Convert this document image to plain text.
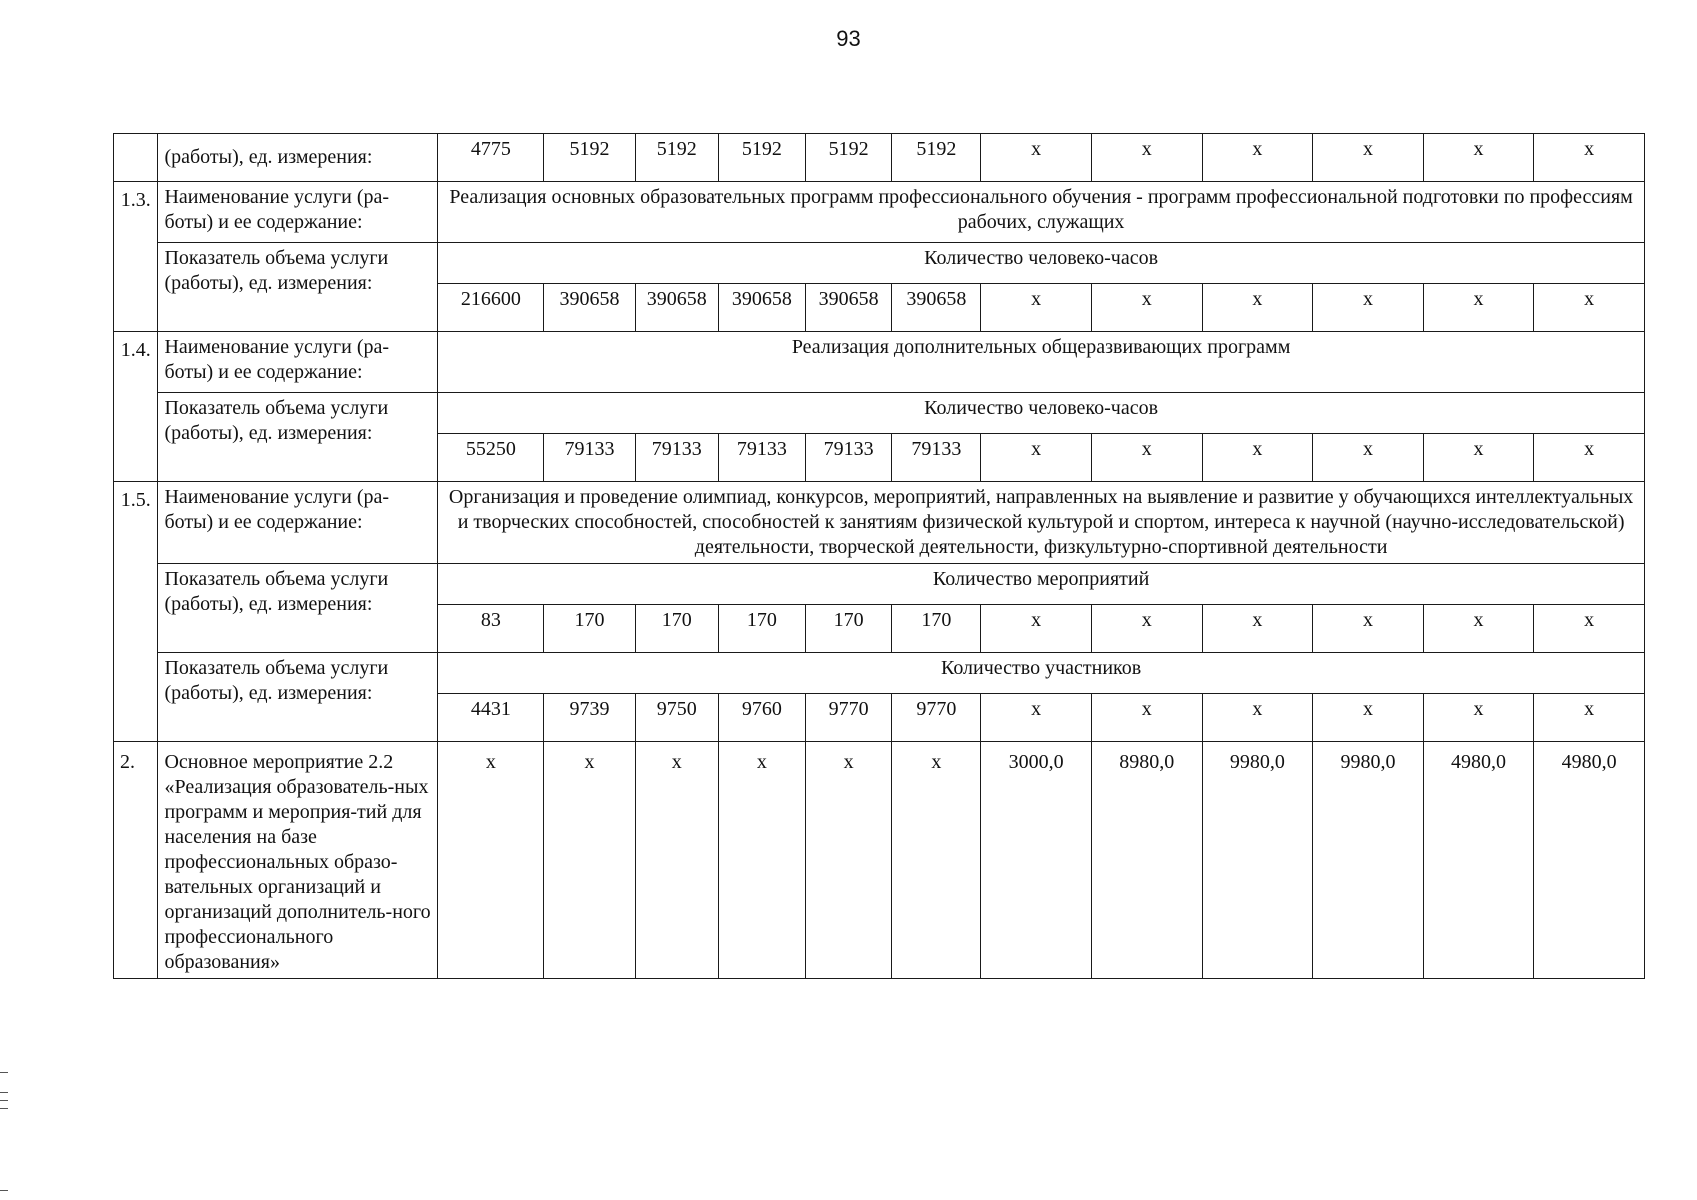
93
	(работы), ед. измерения:	4775	5192	5192	5192	5192	5192	x	x	x	x	x	x
1.3.	Наименование услуги (ра-боты) и ее содержание:	Реализация основных образовательных программ профессионального обучения - программ профессиональной подготовки по профессиям рабочих, служащих											
	Показатель объема услуги (работы), ед. измерения:	Количество человеко-часов											
		216600	390658	390658	390658	390658	390658	x	x	x	x	x	x
1.4.	Наименование услуги (ра-боты) и ее содержание:	Реализация дополнительных общеразвивающих программ											
	Показатель объема услуги (работы), ед. измерения:	Количество человеко-часов											
		55250	79133	79133	79133	79133	79133	x	x	x	x	x	x
1.5.	Наименование услуги (ра-боты) и ее содержание:	Организация и проведение олимпиад, конкурсов, мероприятий, направленных на выявление и развитие у обучающихся интеллектуальных и творческих способностей, способностей к занятиям физической культурой и спортом, интереса к научной (научно-исследовательской) деятельности, творческой деятельности, физкультурно-спортивной деятельности											
	Показатель объема услуги (работы), ед. измерения:	Количество мероприятий											
		83	170	170	170	170	170	x	x	x	x	x	x
	Показатель объема услуги (работы), ед. измерения:	Количество участников											
		4431	9739	9750	9760	9770	9770	x	x	x	x	x	x
2.	Основное мероприятие 2.2 «Реализация образователь-ных программ и мероприя-тий для населения на базе профессиональных образо-вательных организаций и организаций дополнитель-ного профессионального образования»	x	x	x	x	x	x	3000,0	8980,0	9980,0	9980,0	4980,0	4980,0
